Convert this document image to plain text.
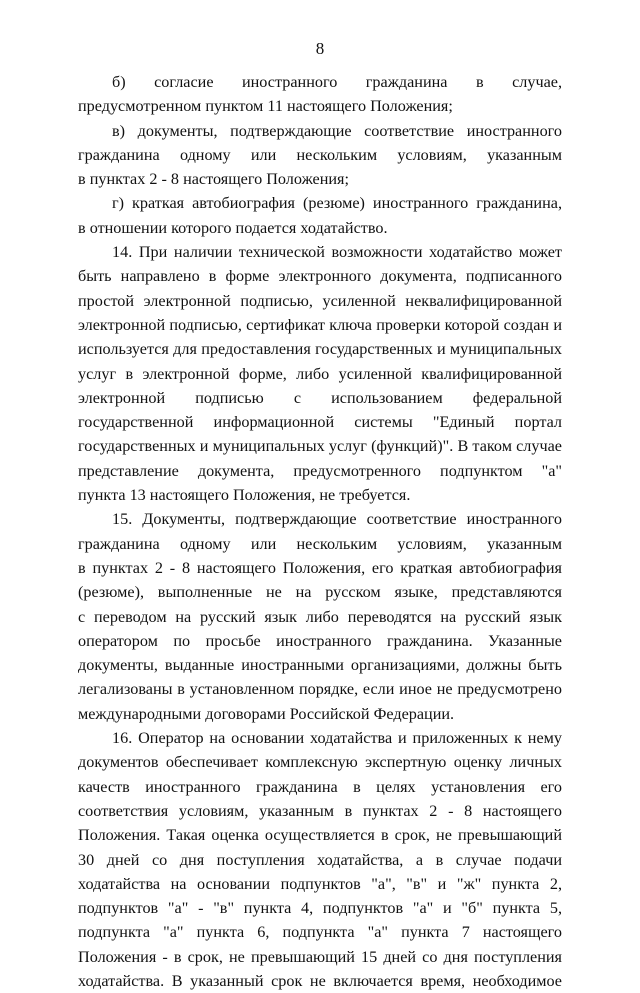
8
б) согласие иностранного гражданина в случае,
предусмотренном пунктом 11 настоящего Положения;
в) документы, подтверждающие соответствие иностранного
гражданина одному или нескольким условиям, указанным
в пунктах 2 - 8 настоящего Положения;
г) краткая автобиография (резюме) иностранного гражданина,
в отношении которого подается ходатайство.
14. При наличии технической возможности ходатайство может
быть направлено в форме электронного документа, подписанного
простой электронной подписью, усиленной неквалифицированной
электронной подписью, сертификат ключа проверки которой создан и
используется для предоставления государственных и муниципальных
услуг в электронной форме, либо усиленной квалифицированной
электронной подписью с использованием федеральной
государственной информационной системы "Единый портал
государственных и муниципальных услуг (функций)". В таком случае
представление документа, предусмотренного подпунктом "а"
пункта 13 настоящего Положения, не требуется.
15. Документы, подтверждающие соответствие иностранного
гражданина одному или нескольким условиям, указанным
в пунктах 2 - 8 настоящего Положения, его краткая автобиография
(резюме), выполненные не на русском языке, представляются
с переводом на русский язык либо переводятся на русский язык
оператором по просьбе иностранного гражданина. Указанные
документы, выданные иностранными организациями, должны быть
легализованы в установленном порядке, если иное не предусмотрено
международными договорами Российской Федерации.
16. Оператор на основании ходатайства и приложенных к нему
документов обеспечивает комплексную экспертную оценку личных
качеств иностранного гражданина в целях установления его
соответствия условиям, указанным в пунктах 2 - 8 настоящего
Положения. Такая оценка осуществляется в срок, не превышающий
30 дней со дня поступления ходатайства, а в случае подачи
ходатайства на основании подпунктов "а", "в" и "ж" пункта 2,
подпунктов "а" - "в" пункта 4, подпунктов "а" и "б" пункта 5,
подпункта "а" пункта 6, подпункта "а" пункта 7 настоящего
Положения - в срок, не превышающий 15 дней со дня поступления
ходатайства. В указанный срок не включается время, необходимое
